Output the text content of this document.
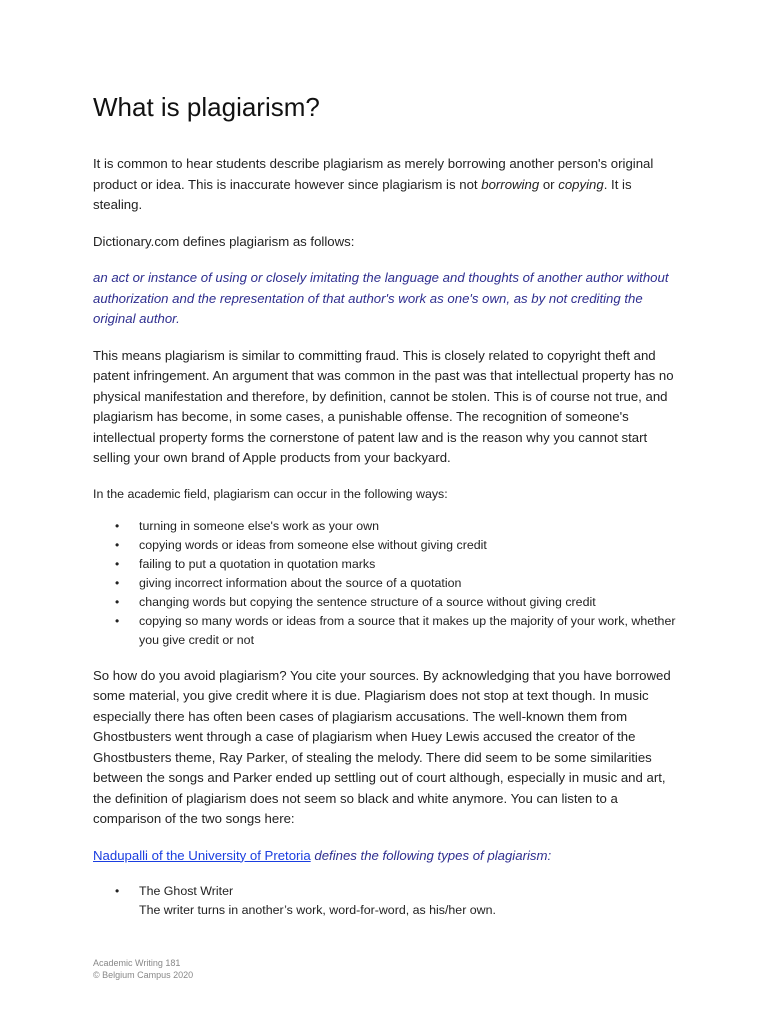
What is plagiarism?

It is common to hear students describe plagiarism as merely borrowing another person's original product or idea. This is inaccurate however since plagiarism is not borrowing or copying. It is stealing.

Dictionary.com defines plagiarism as follows:

an act or instance of using or closely imitating the language and thoughts of another author without authorization and the representation of that author's work as one's own, as by not crediting the original author.

This means plagiarism is similar to committing fraud. This is closely related to copyright theft and patent infringement. An argument that was common in the past was that intellectual property has no physical manifestation and therefore, by definition, cannot be stolen. This is of course not true, and plagiarism has become, in some cases, a punishable offense. The recognition of someone's intellectual property forms the cornerstone of patent law and is the reason why you cannot start selling your own brand of Apple products from your backyard.

In the academic field, plagiarism can occur in the following ways:

• turning in someone else's work as your own
• copying words or ideas from someone else without giving credit
• failing to put a quotation in quotation marks
• giving incorrect information about the source of a quotation
• changing words but copying the sentence structure of a source without giving credit
• copying so many words or ideas from a source that it makes up the majority of your work, whether you give credit or not

So how do you avoid plagiarism? You cite your sources. By acknowledging that you have borrowed some material, you give credit where it is due. Plagiarism does not stop at text though. In music especially there has often been cases of plagiarism accusations. The well-known them from Ghostbusters went through a case of plagiarism when Huey Lewis accused the creator of the Ghostbusters theme, Ray Parker, of stealing the melody. There did seem to be some similarities between the songs and Parker ended up settling out of court although, especially in music and art, the definition of plagiarism does not seem so black and white anymore. You can listen to a comparison of the two songs here:

Nadupalli of the University of Pretoria defines the following types of plagiarism:

• The Ghost Writer
The writer turns in another’s work, word-for-word, as his/her own.
Academic Writing 181
© Belgium Campus 2020
